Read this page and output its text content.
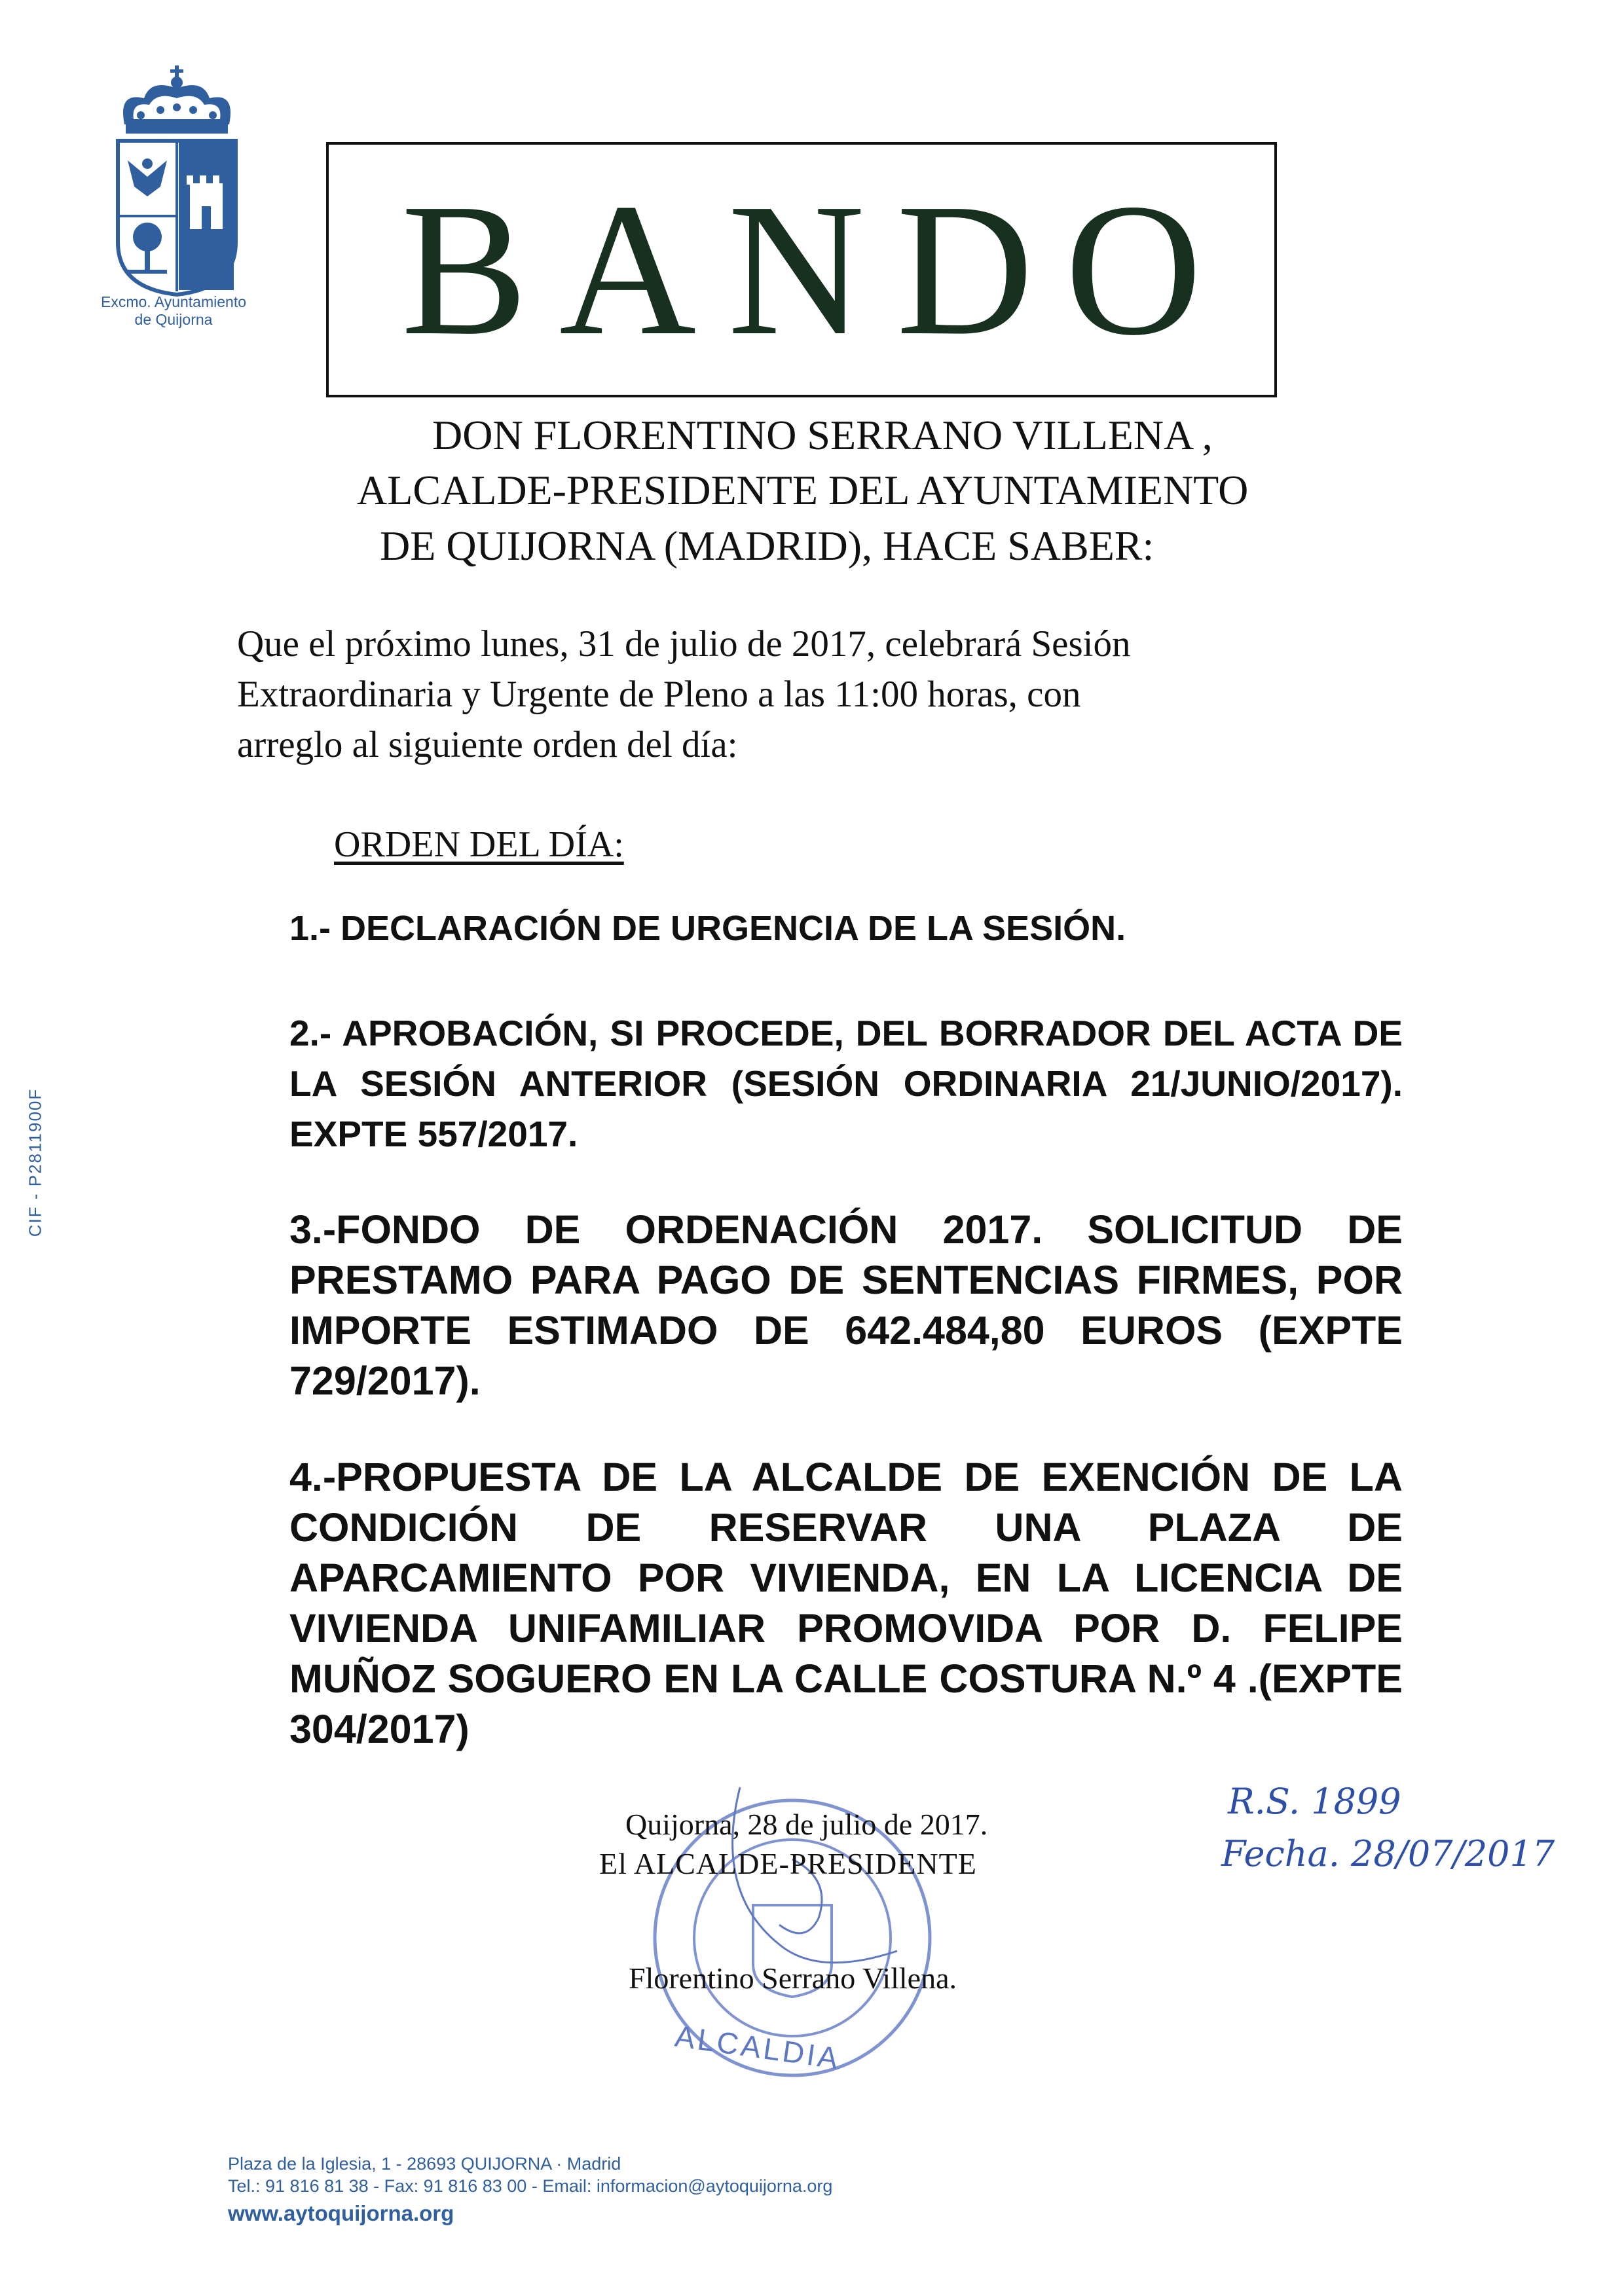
Excmo. Ayuntamiento
de Quijorna BANDO
DON FLORENTINO SERRANO VILLENA ,
ALCALDE-PRESIDENTE DEL AYUNTAMIENTO
DE QUIJORNA (MADRID), HACE SABER:
Que el próximo lunes, 31 de julio de 2017, celebrará Sesión
Extraordinaria y Urgente de Pleno a las 11:00 horas, con
arreglo al siguiente orden del día:
ORDEN DEL DÍA:

1.- DECLARACIÓN DE URGENCIA DE LA SESIÓN.

2.- APROBACIÓN, SI PROCEDE, DEL BORRADOR DEL ACTA DE LA SESIÓN ANTERIOR (SESIÓN ORDINARIA 21/JUNIO/2017). EXPTE 557/2017.

3.-FONDO DE ORDENACIÓN 2017. SOLICITUD DE PRESTAMO PARA PAGO DE SENTENCIAS FIRMES, POR IMPORTE ESTIMADO DE 642.484,80 EUROS (EXPTE 729/2017).

4.-PROPUESTA DE LA ALCALDE DE EXENCIÓN DE LA CONDICIÓN DE RESERVAR UNA PLAZA DE APARCAMIENTO POR VIVIENDA, EN LA LICENCIA DE VIVIENDA UNIFAMILIAR PROMOVIDA POR D. FELIPE MUÑOZ SOGUERO EN LA CALLE COSTURA N.º 4 .(EXPTE 304/2017)

ALCALDIA
Quijorna, 28 de julio de 2017.
El ALCALDE-PRESIDENTE
Florentino Serrano Villena.
R.S. 1899
Fecha. 28/07/2017
CIF - P2811900F
Plaza de la Iglesia, 1 - 28693 QUIJORNA · Madrid
Tel.: 91 816 81 38 - Fax: 91 816 83 00 - Email: informacion@aytoquijorna.org
www.aytoquijorna.org
